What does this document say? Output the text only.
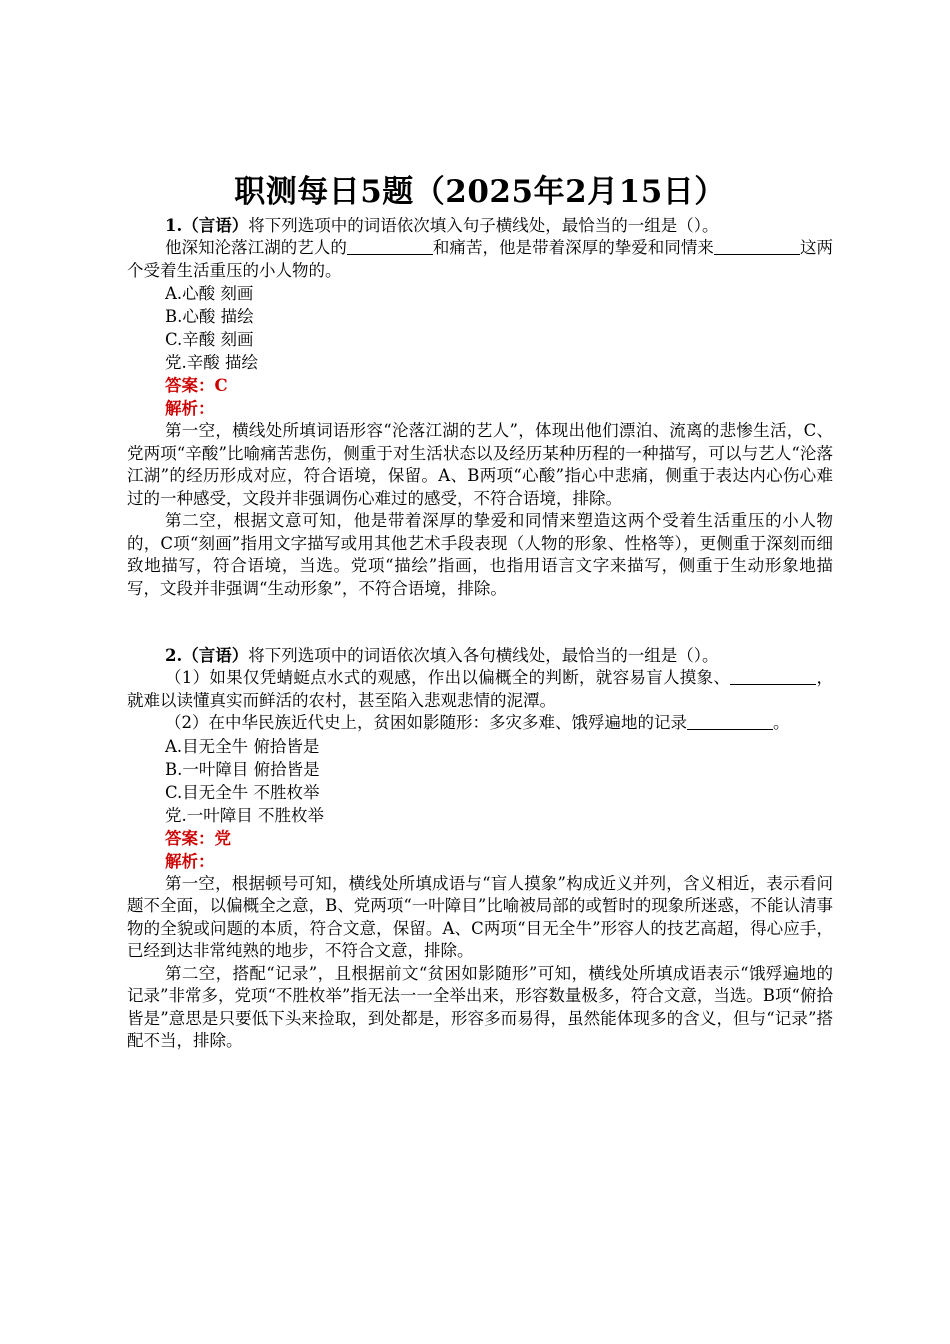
职测每日5题（2025年2月15日）

1.（言语）将下列选项中的词语依次填入句子横线处，最恰当的一组是（）。

他深知沦落江湖的艺人的	和痛苦，他是带着深厚的挚爱和同情来	这两个受着生活重压的小人物的。

A.心酸 刻画

B.心酸 描绘

C.辛酸 刻画

党.辛酸 描绘

答案：C

解析：

第一空，横线处所填词语形容“沦落江湖的艺人”，体现出他们漂泊、流离的悲惨生活，C、党两项“辛酸”比喻痛苦悲伤，侧重于对生活状态以及经历某种历程的一种描写，可以与艺人“沦落江湖”的经历形成对应，符合语境，保留。A、B两项“心酸”指心中悲痛，侧重于表达内心伤心难过的一种感受，文段并非强调伤心难过的感受，不符合语境，排除。

第二空，根据文意可知，他是带着深厚的挚爱和同情来塑造这两个受着生活重压的小人物的，C项“刻画”指用文字描写或用其他艺术手段表现（人物的形象、性格等），更侧重于深刻而细致地描写，符合语境，当选。党项“描绘”指画，也指用语言文字来描写，侧重于生动形象地描写，文段并非强调“生动形象”，不符合语境，排除。

2.（言语）将下列选项中的词语依次填入各句横线处，最恰当的一组是（）。

（1）如果仅凭蜻蜓点水式的观感，作出以偏概全的判断，就容易盲人摸象、	，就难以读懂真实而鲜活的农村，甚至陷入悲观悲情的泥潭。

（2）在中华民族近代史上，贫困如影随形：多灾多难、饿殍遍地的记录	。

A.目无全牛 俯拾皆是

B.一叶障目 俯拾皆是

C.目无全牛 不胜枚举

党.一叶障目 不胜枚举

答案：党

解析：

第一空，根据顿号可知，横线处所填成语与“盲人摸象”构成近义并列，含义相近，表示看问题不全面，以偏概全之意，B、党两项“一叶障目”比喻被局部的或暂时的现象所迷惑，不能认清事物的全貌或问题的本质，符合文意，保留。A、C两项“目无全牛”形容人的技艺高超，得心应手，已经到达非常纯熟的地步，不符合文意，排除。

第二空，搭配“记录”，且根据前文“贫困如影随形”可知，横线处所填成语表示“饿殍遍地的记录”非常多，党项“不胜枚举”指无法一一全举出来，形容数量极多，符合文意，当选。B项“俯拾皆是”意思是只要低下头来捡取，到处都是，形容多而易得，虽然能体现多的含义，但与“记录”搭配不当，排除。
